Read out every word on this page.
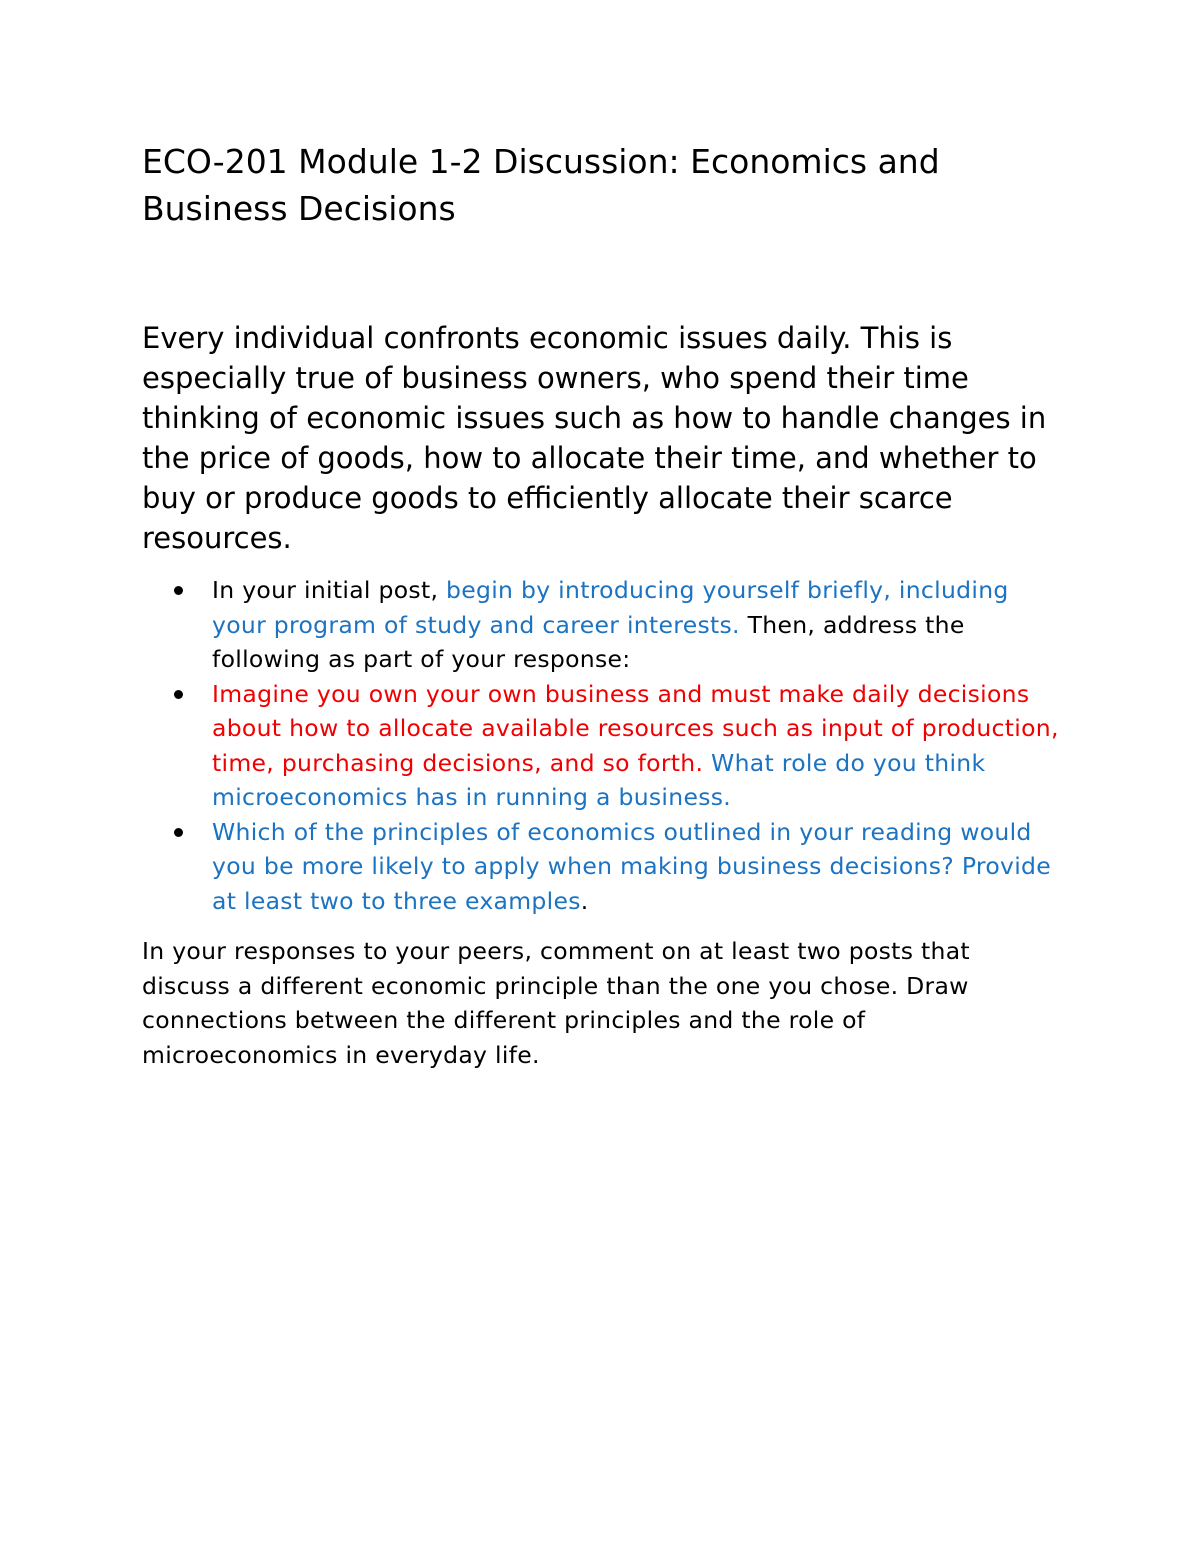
ECO-201 Module 1-2 Discussion: Economics and Business Decisions

Every individual confronts economic issues daily. This is especially true of business owners, who spend their time thinking of economic issues such as how to handle changes in the price of goods, how to allocate their time, and whether to buy or produce goods to efficiently allocate their scarce resources.

In your initial post, begin by introducing yourself briefly, including your program of study and career interests. Then, address the following as part of your response:
Imagine you own your own business and must make daily decisions about how to allocate available resources such as input of production, time, purchasing decisions, and so forth. What role do you think microeconomics has in running a business.
Which of the principles of economics outlined in your reading would you be more likely to apply when making business decisions? Provide at least two to three examples.

In your responses to your peers, comment on at least two posts that discuss a different economic principle than the one you chose. Draw connections between the different principles and the role of microeconomics in everyday life.
